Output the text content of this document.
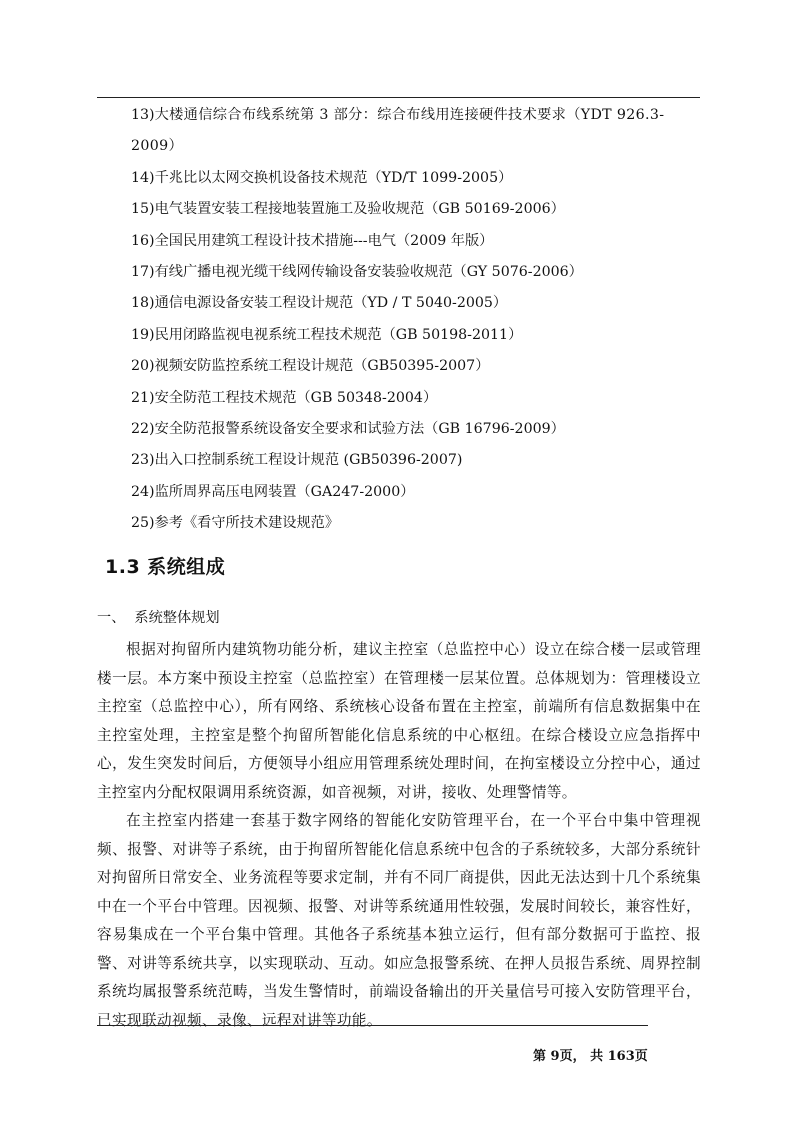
13)大楼通信综合布线系统第 3 部分：综合布线用连接硬件技术要求（YDT 926.3-2009）
14)千兆比以太网交换机设备技术规范（YD/T 1099-2005）
15)电气装置安装工程接地装置施工及验收规范（GB 50169-2006）
16)全国民用建筑工程设计技术措施---电气（2009 年版）
17)有线广播电视光缆干线网传输设备安装验收规范（GY 5076-2006）
18)通信电源设备安装工程设计规范（YD / T 5040-2005）
19)民用闭路监视电视系统工程技术规范（GB 50198-2011）
20)视频安防监控系统工程设计规范（GB50395-2007）
21)安全防范工程技术规范（GB 50348-2004）
22)安全防范报警系统设备安全要求和试验方法（GB 16796-2009）
23)出入口控制系统工程设计规范 (GB50396-2007)
24)监所周界高压电网装置（GA247-2000）
25)参考《看守所技术建设规范》
1.3 系统组成

一、 系统整体规划

根据对拘留所内建筑物功能分析，建议主控室（总监控中心）设立在综合楼一层或管理楼一层。本方案中预设主控室（总监控室）在管理楼一层某位置。总体规划为：管理楼设立主控室（总监控中心），所有网络、系统核心设备布置在主控室，前端所有信息数据集中在主控室处理，主控室是整个拘留所智能化信息系统的中心枢纽。在综合楼设立应急指挥中心，发生突发时间后，方便领导小组应用管理系统处理时间，在拘室楼设立分控中心，通过主控室内分配权限调用系统资源，如音视频，对讲，接收、处理警情等。

在主控室内搭建一套基于数字网络的智能化安防管理平台，在一个平台中集中管理视频、报警、对讲等子系统，由于拘留所智能化信息系统中包含的子系统较多，大部分系统针对拘留所日常安全、业务流程等要求定制，并有不同厂商提供，因此无法达到十几个系统集中在一个平台中管理。因视频、报警、对讲等系统通用性较强，发展时间较长，兼容性好，容易集成在一个平台集中管理。其他各子系统基本独立运行，但有部分数据可于监控、报警、对讲等系统共享，以实现联动、互动。如应急报警系统、在押人员报告系统、周界控制系统均属报警系统范畴，当发生警情时，前端设备输出的开关量信号可接入安防管理平台，已实现联动视频、录像、远程对讲等功能。

第 9页， 共 163页
